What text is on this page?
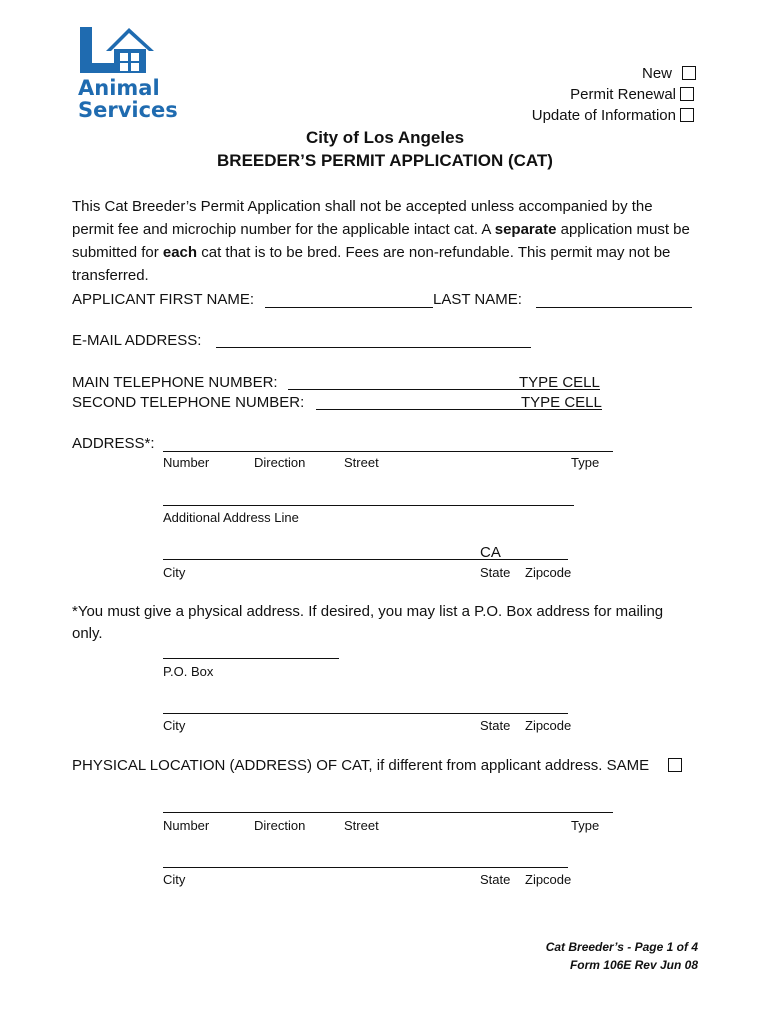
Animal
Services
New
Permit Renewal
Update of Information
City of Los Angeles
BREEDER’S PERMIT APPLICATION (CAT)
This Cat Breeder’s Permit Application shall not be accepted unless accompanied by the permit fee and microchip number for the applicable intact cat. A separate application must be submitted for each cat that is to be bred. Fees are non-refundable. This permit may not be transferred.
APPLICANT FIRST NAME:	LAST NAME:
E-MAIL ADDRESS:
MAIN TELEPHONE NUMBER:	TYPE CELL
SECOND TELEPHONE NUMBER:	TYPE CELL
ADDRESS*:
Number	Direction	Street	Type
Additional Address Line
CA
City	State Zipcode
*You must give a physical address. If desired, you may list a P.O. Box address for mailing only.
P.O. Box
City	State Zipcode
PHYSICAL LOCATION (ADDRESS) OF CAT, if different from applicant address. SAME
Number	Direction	Street	Type
City	State Zipcode
Cat Breeder’s - Page 1 of 4
Form 106E Rev Jun 08
